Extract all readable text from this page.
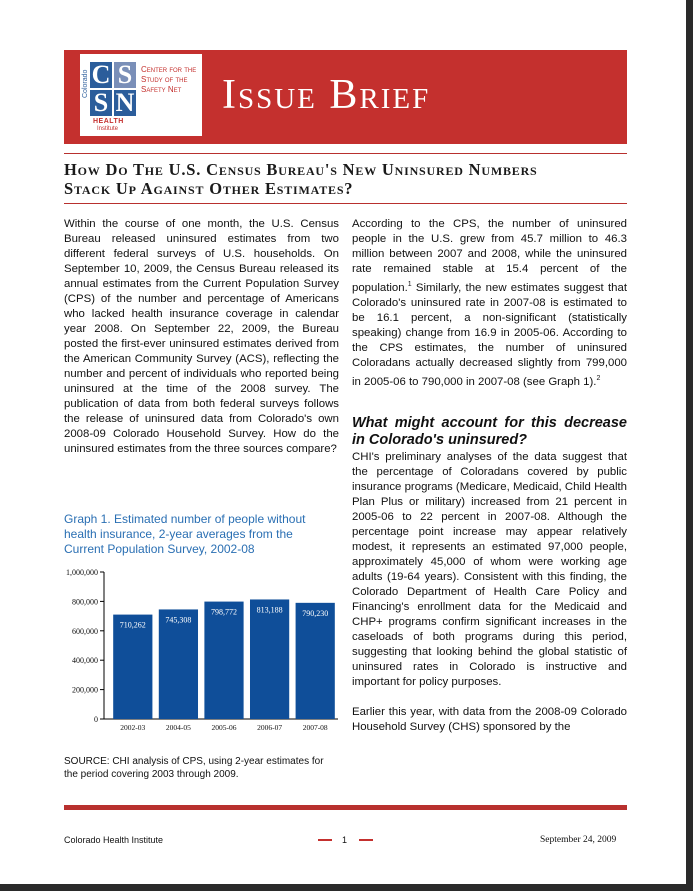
C S
S N
Colorado
Center for the
Study of the
Safety Net
HEALTH
Institute
Issue Brief
How Do The U.S. Census Bureau's New Uninsured Numbers
Stack Up Against Other Estimates?

Within the course of one month, the U.S. Census Bureau released uninsured estimates from two different federal surveys of U.S. households. On September 10, 2009, the Census Bureau released its annual estimates from the Current Population Survey (CPS) of the number and percentage of Americans who lacked health insurance coverage in calendar year 2008. On September 22, 2009, the Bureau posted the first-ever uninsured estimates derived from the American Community Survey (ACS), reflecting the number and percent of individuals who reported being uninsured at the time of the 2008 survey. The publication of data from both federal surveys follows the release of uninsured data from Colorado's own 2008-09 Colorado Household Survey. How do the uninsured estimates from the three sources compare?

Graph 1. Estimated number of people without health insurance, 2-year averages from the Current Population Survey, 2002-08
0
200,000
400,000
600,000
800,000
1,000,000
710,262
2002-03
745,308
2004-05
798,772
2005-06
813,188
2006-07
790,230
2007-08
SOURCE: CHI analysis of CPS, using 2-year estimates for the period covering 2003 through 2009.

According to the CPS, the number of uninsured people in the U.S. grew from 45.7 million to 46.3 million between 2007 and 2008, while the uninsured rate remained stable at 15.4 percent of the population.$^1$ Similarly, the new estimates suggest that Colorado's uninsured rate in 2007-08 is estimated to be 16.1 percent, a non-significant (statistically speaking) change from 16.9 in 2005-06. According to the CPS estimates, the number of uninsured Coloradans actually decreased slightly from 799,000 in 2005-06 to 790,000 in 2007-08 (see Graph 1).$^2$

What might account for this decrease in Colorado's uninsured?

CHI's preliminary analyses of the data suggest that the percentage of Coloradans covered by public insurance programs (Medicare, Medicaid, Child Health Plan Plus or military) increased from 21 percent in 2005-06 to 22 percent in 2007-08. Although the percentage point increase may appear relatively modest, it represents an estimated 97,000 people, approximately 45,000 of whom were working age adults (19-64 years). Consistent with this finding, the Colorado Department of Health Care Policy and Financing's enrollment data for the Medicaid and CHP+ programs confirm significant increases in the caseloads of both programs during this period, suggesting that looking behind the global statistic of uninsured rates in Colorado is instructive and important for policy purposes.

Earlier this year, with data from the 2008-09 Colorado Household Survey (CHS) sponsored by the

Colorado Health Institute	1	September 24, 2009
